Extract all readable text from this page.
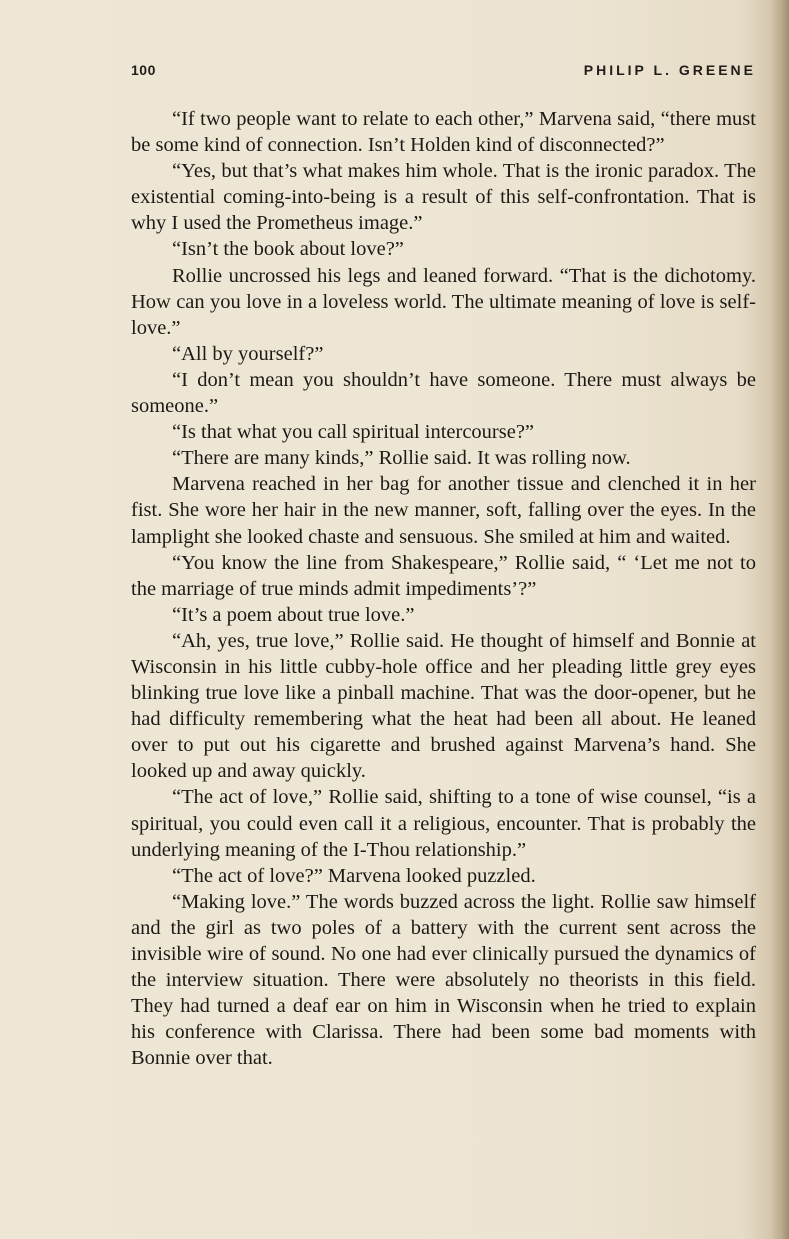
100	PHILIP L. GREENE

“If two people want to relate to each other,” Marvena said, “there must be some kind of connection. Isn’t Holden kind of disconnected?”

“Yes, but that’s what makes him whole. That is the ironic paradox. The existential coming-into-being is a result of this self-confrontation. That is why I used the Prometheus image.”

“Isn’t the book about love?”

Rollie uncrossed his legs and leaned forward. “That is the dichotomy. How can you love in a loveless world. The ultimate meaning of love is self-love.”

“All by yourself?”

“I don’t mean you shouldn’t have someone. There must always be someone.”

“Is that what you call spiritual intercourse?”

“There are many kinds,” Rollie said. It was rolling now.

Marvena reached in her bag for another tissue and clenched it in her fist. She wore her hair in the new manner, soft, falling over the eyes. In the lamplight she looked chaste and sensuous. She smiled at him and waited.

“You know the line from Shakespeare,” Rollie said, “ ‘Let me not to the marriage of true minds admit impediments’?”

“It’s a poem about true love.”

“Ah, yes, true love,” Rollie said. He thought of himself and Bonnie at Wisconsin in his little cubby-hole office and her pleading little grey eyes blinking true love like a pinball machine. That was the door-opener, but he had difficulty remembering what the heat had been all about. He leaned over to put out his cigarette and brushed against Marvena’s hand. She looked up and away quickly.

“The act of love,” Rollie said, shifting to a tone of wise counsel, “is a spiritual, you could even call it a religious, encounter. That is probably the underlying meaning of the I-Thou relationship.”

“The act of love?” Marvena looked puzzled.

“Making love.” The words buzzed across the light. Rollie saw himself and the girl as two poles of a battery with the current sent across the invisible wire of sound. No one had ever clinically pursued the dynamics of the interview situation. There were absolutely no theorists in this field. They had turned a deaf ear on him in Wisconsin when he tried to explain his conference with Clarissa. There had been some bad moments with Bonnie over that.
